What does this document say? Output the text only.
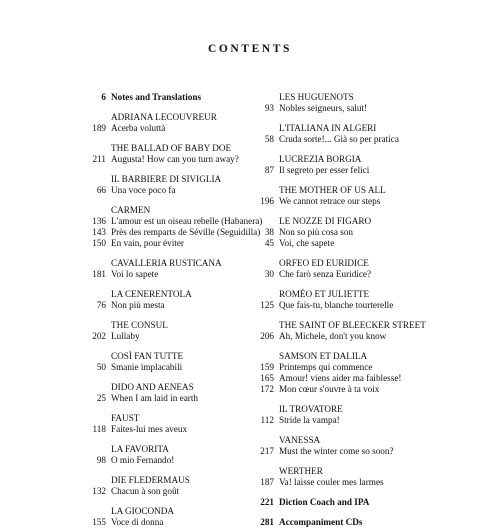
CONTENTS
6 Notes and Translations
ADRIANA LECOUVREUR
189 Acerba voluttà
THE BALLAD OF BABY DOE
211 Augusta! How can you turn away?
IL BARBIERE DI SIVIGLIA
66 Una voce poco fa
CARMEN
136 L'amour est un oiseau rebelle (Habanera)
143 Près des remparts de Séville (Seguidilla)
150 En vain, pour éviter
CAVALLERIA RUSTICANA
181 Voi lo sapete
LA CENERENTOLA
76 Non più mesta
THE CONSUL
202 Lullaby
COSÌ FAN TUTTE
50 Smanie implacabili
DIDO AND AENEAS
25 When I am laid in earth
FAUST
118 Faites-lui mes aveux
LA FAVORITA
98 O mio Fernando!
DIE FLEDERMAUS
132 Chacun à son goût
LA GIOCONDA
155 Voce di donna
LES HUGUENOTS
93 Nobles seigneurs, salut!
L'ITALIANA IN ALGERI
58 Cruda sorte!... Già so per pratica
LUCREZIA BORGIA
87 Il segreto per esser felici
THE MOTHER OF US ALL
196 We cannot retrace our steps
LE NOZZE DI FIGARO
38 Non so più cosa son
45 Voi, che sapete
ORFEO ED EURIDICE
30 Che farò senza Euridice?
ROMÉO ET JULIETTE
125 Que fais-tu, blanche tourterelle
THE SAINT OF BLEECKER STREET
206 Ah, Michele, don't you know
SAMSON ET DALILA
159 Printemps qui commence
165 Amour! viens aider ma faiblesse!
172 Mon cœur s'ouvre à ta voix
IL TROVATORE
112 Stride la vampa!
VANESSA
217 Must the winter come so soon?
WERTHER
187 Va! laisse couler mes larmes
221 Diction Coach and IPA
281 Accompaniment CDs
